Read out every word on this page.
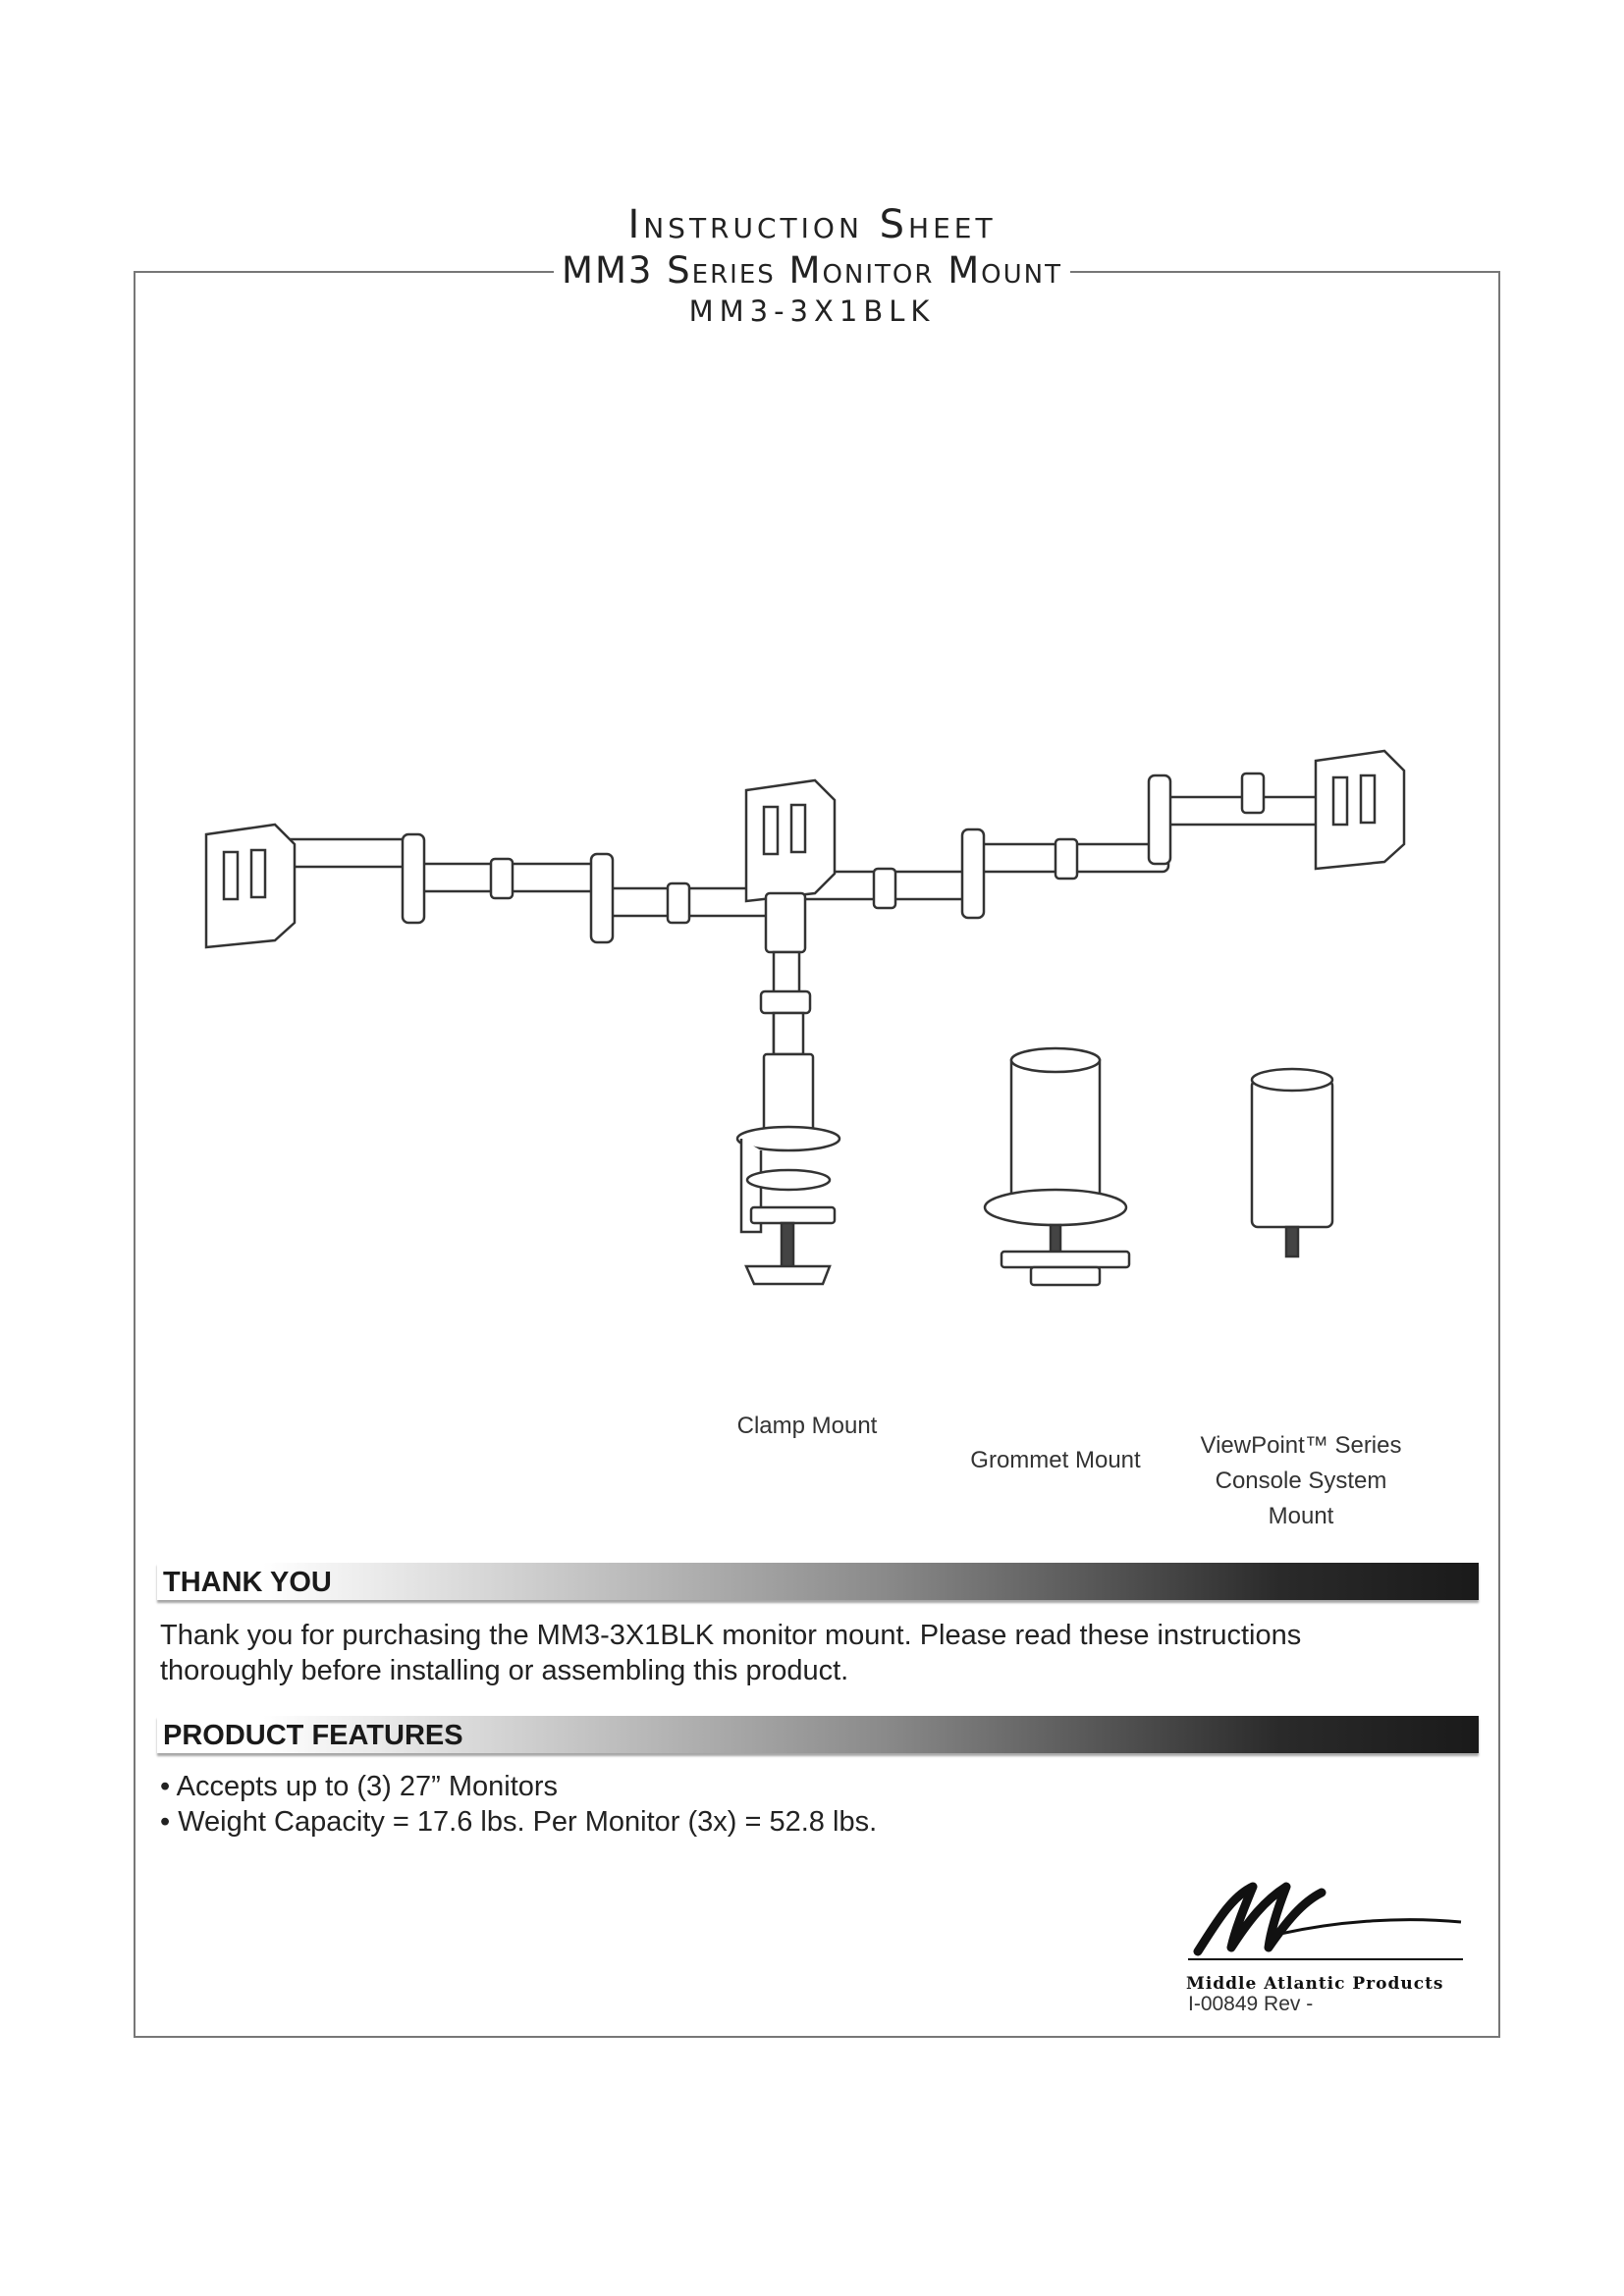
Instruction Sheet
MM3 Series Monitor Mount
MM3-3X1BLK
Clamp Mount
Grommet Mount
ViewPoint™ Series
Console System
Mount
THANK YOU
Thank you for purchasing the MM3-3X1BLK monitor mount. Please read these instructions
thoroughly before installing or assembling this product.
PRODUCT FEATURES
• Accepts up to (3) 27” Monitors
• Weight Capacity = 17.6 lbs. Per Monitor (3x) = 52.8 lbs.
Middle Atlantic Products
I-00849 Rev -
